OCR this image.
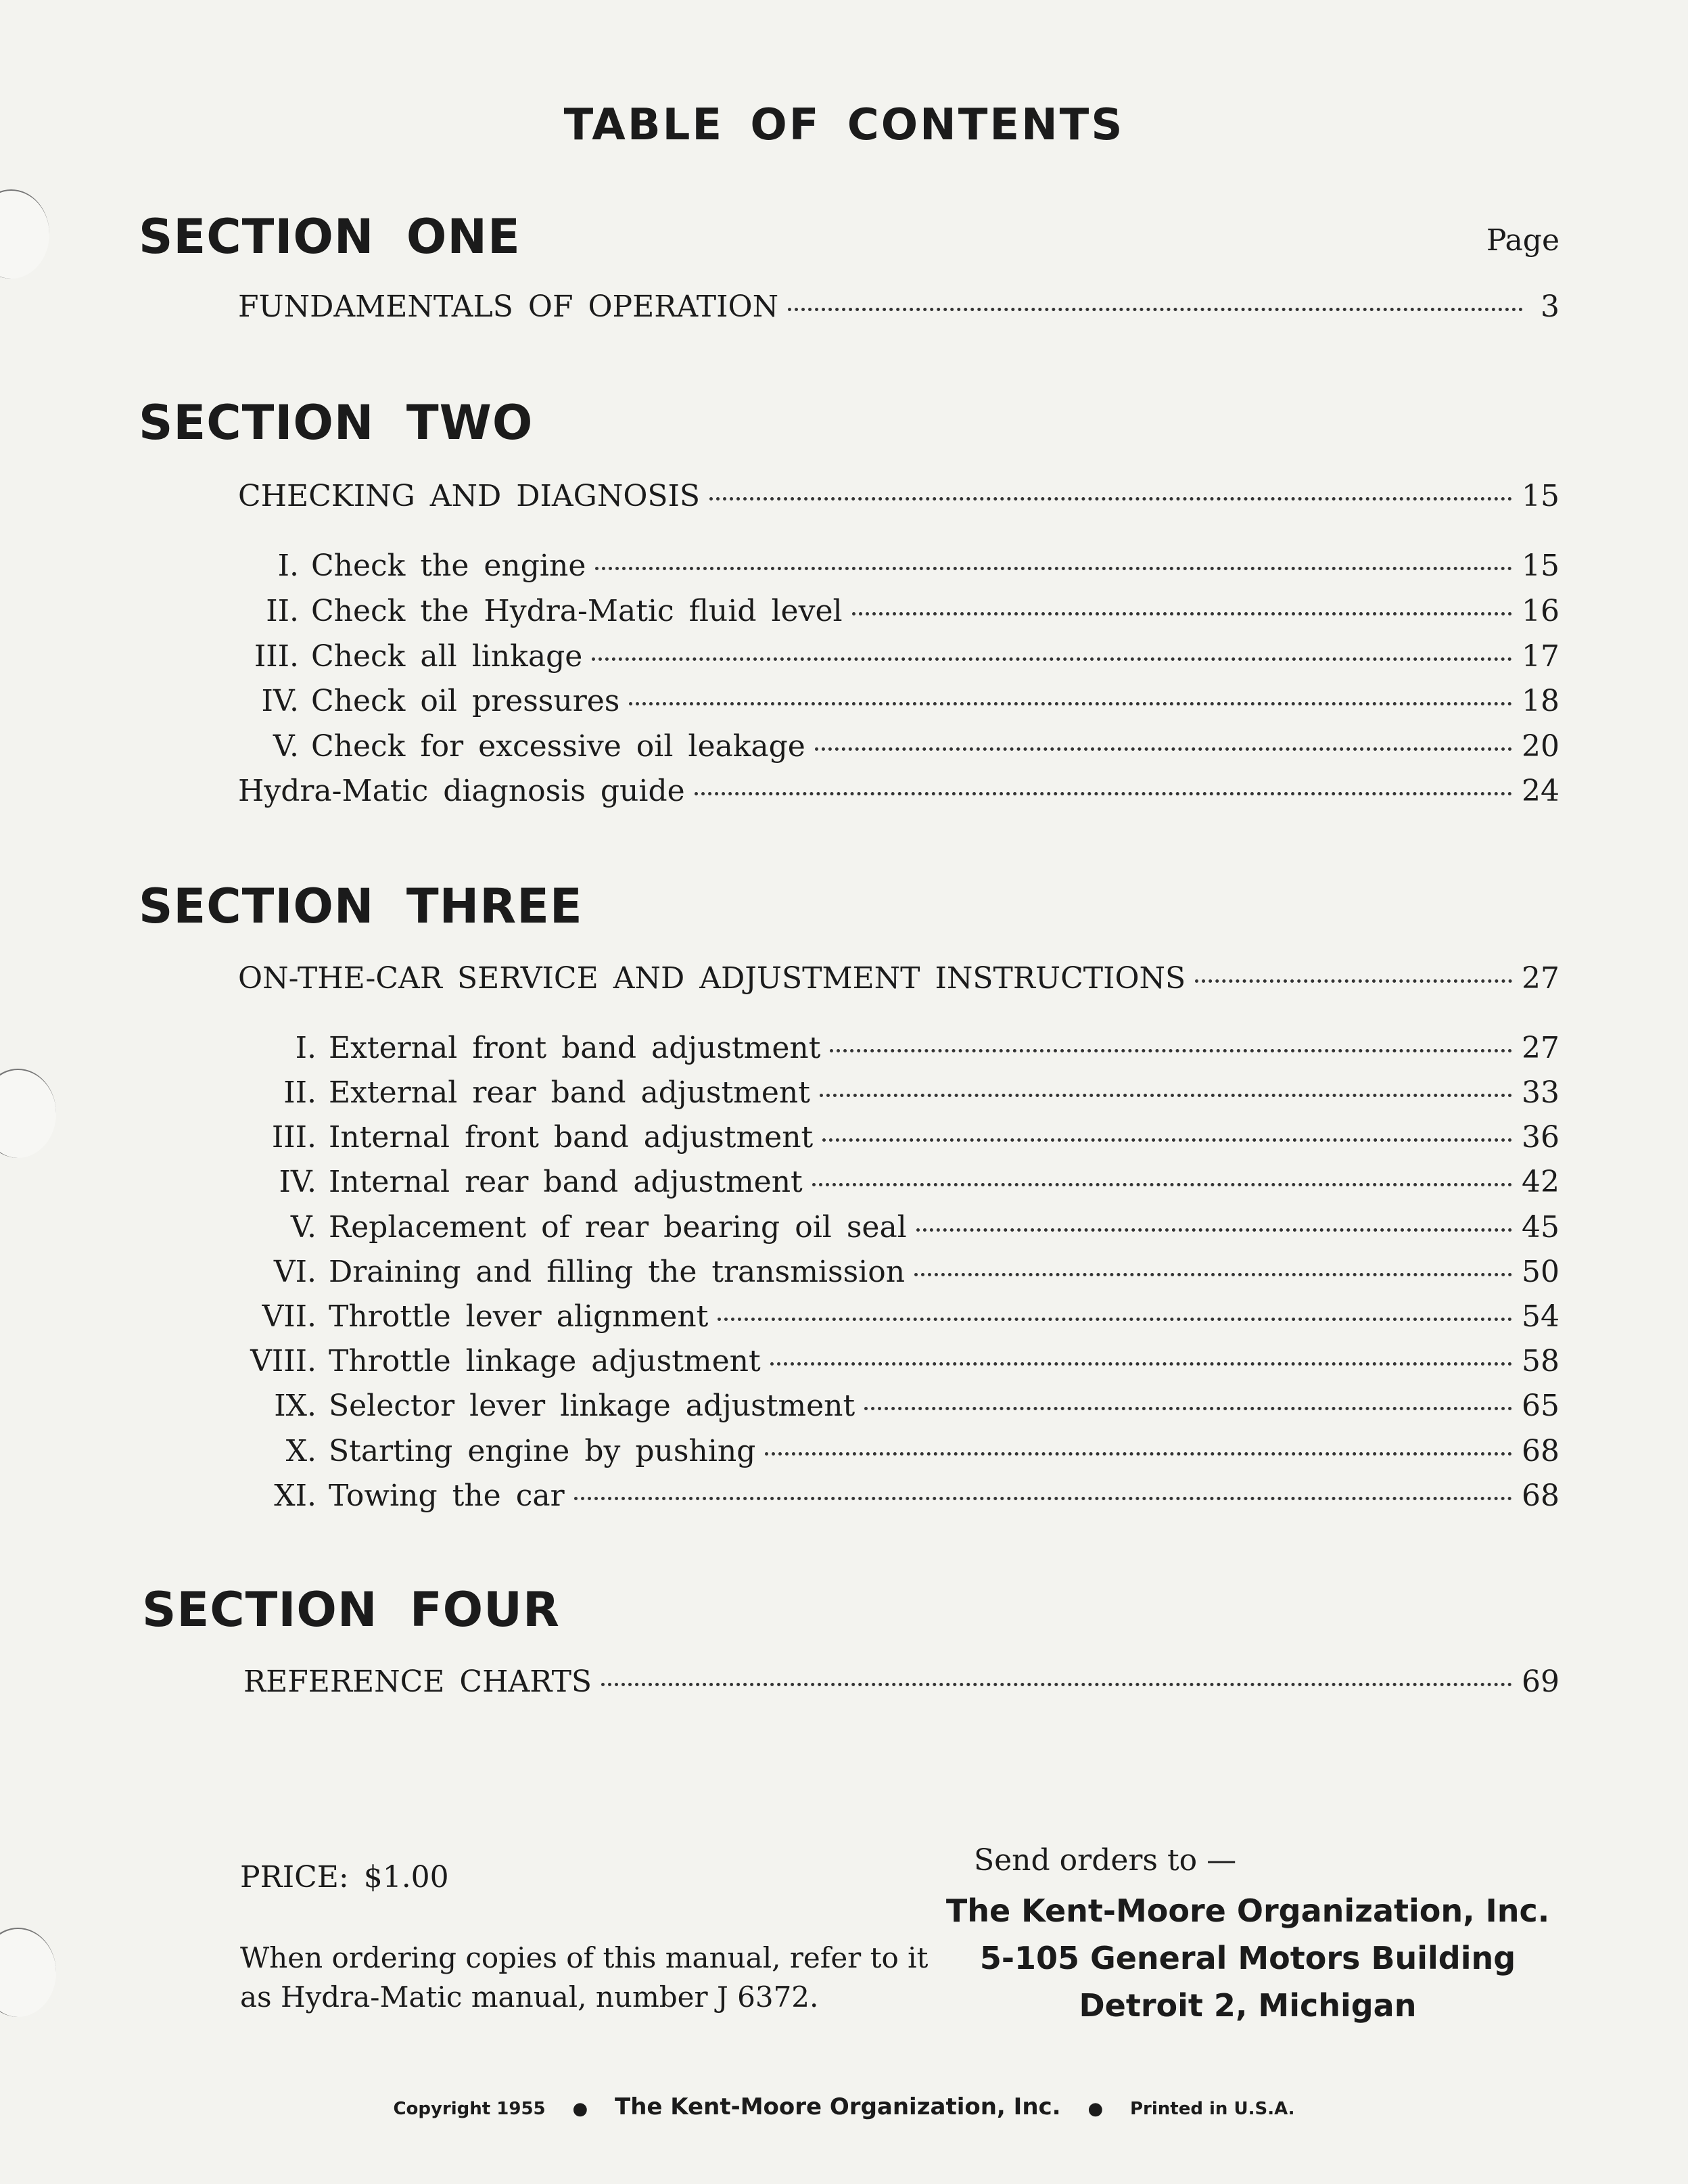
TABLE OF CONTENTS
SECTION ONE	Page
FUNDAMENTALS OF OPERATION	3
SECTION TWO
CHECKING AND DIAGNOSIS	15
I. Check the engine	15
II. Check the Hydra-Matic fluid level	16
III. Check all linkage	17
IV. Check oil pressures	18
V. Check for excessive oil leakage	20
Hydra-Matic diagnosis guide	24
SECTION THREE
ON-THE-CAR SERVICE AND ADJUSTMENT INSTRUCTIONS	27
I. External front band adjustment	27
II. External rear band adjustment	33
III. Internal front band adjustment	36
IV. Internal rear band adjustment	42
V. Replacement of rear bearing oil seal	45
VI. Draining and filling the transmission	50
VII. Throttle lever alignment	54
VIII. Throttle linkage adjustment	58
IX. Selector lever linkage adjustment	65
X. Starting engine by pushing	68
XI. Towing the car	68
SECTION FOUR
REFERENCE CHARTS	69
PRICE: $1.00
When ordering copies of this manual, refer to it as Hydra-Matic manual, number J 6372.
Send orders to —
The Kent-Moore Organization, Inc.
5-105 General Motors Building
Detroit 2, Michigan
Copyright 1955 ● The Kent-Moore Organization, Inc. ● Printed in U.S.A.
